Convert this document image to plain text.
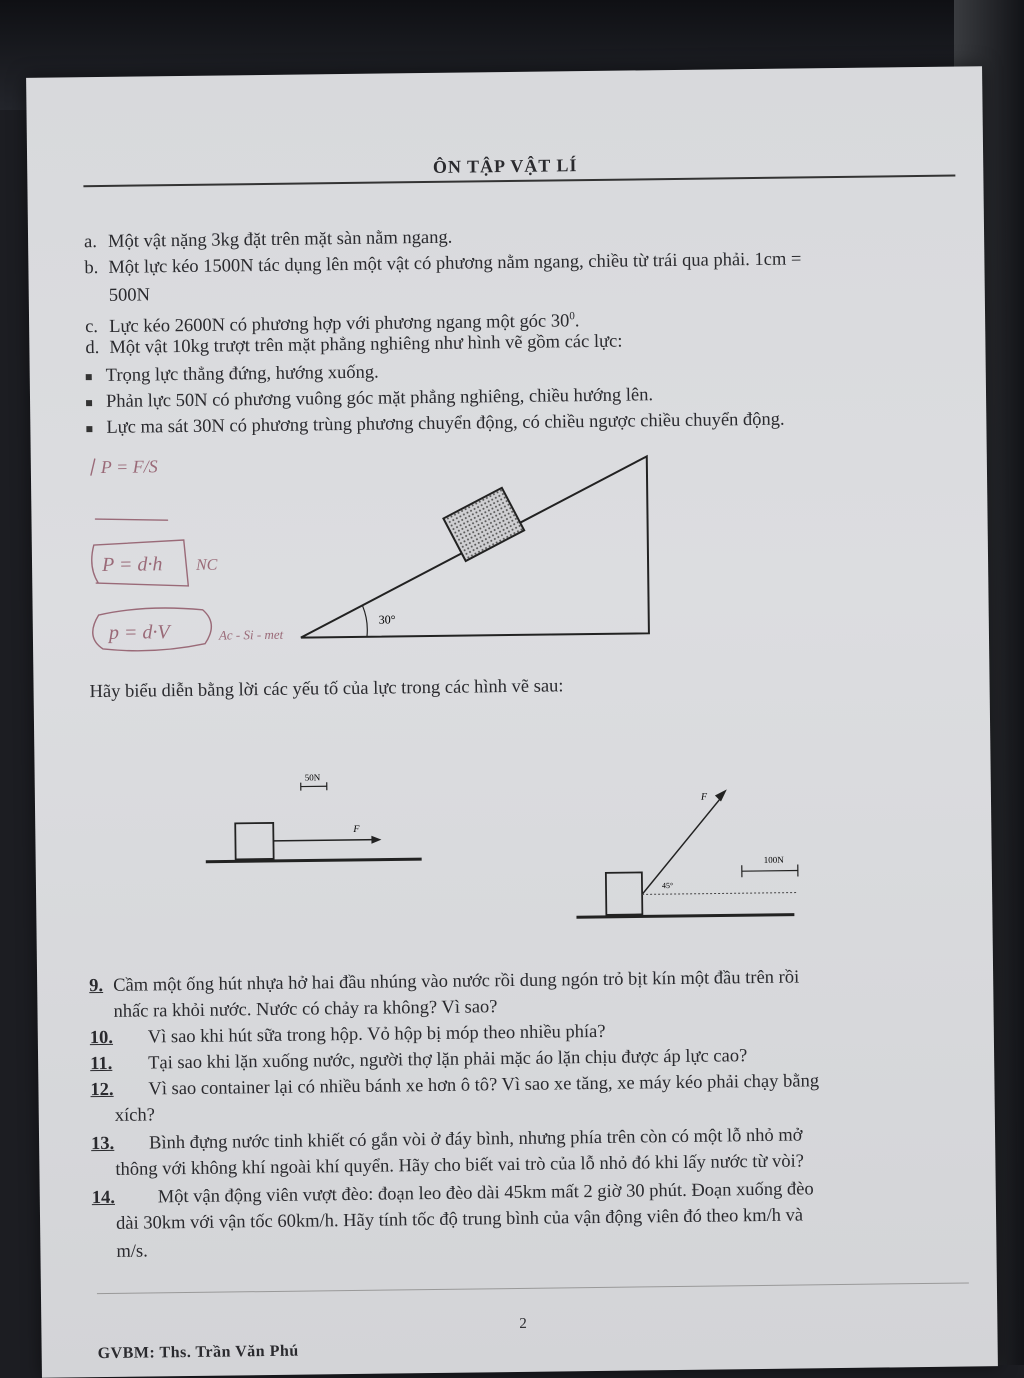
ÔN TẬP VẬT LÍ
a. Một vật nặng 3kg đặt trên mặt sàn nằm ngang.
b. Một lực kéo 1500N tác dụng lên một vật có phương nằm ngang, chiều từ trái qua phải. 1cm =
500N
c. Lực kéo 2600N có phương hợp với phương ngang một góc $30^0$.
d. Một vật 10kg trượt trên mặt phẳng nghiêng như hình vẽ gồm các lực:
Trọng lực thẳng đứng, hướng xuống.
Phản lực 50N có phương vuông góc mặt phẳng nghiêng, chiều hướng lên.
Lực ma sát 30N có phương trùng phương chuyển động, có chiều ngược chiều chuyển động.
30°
Hãy biểu diễn bằng lời các yếu tố của lực trong các hình vẽ sau:
50N
F
F
45°
100N
9. Cầm một ống hút nhựa hở hai đầu nhúng vào nước rồi dung ngón trỏ bịt kín một đầu trên rồi
nhấc ra khỏi nước. Nước có chảy ra không? Vì sao?
10. Vì sao khi hút sữa trong hộp. Vỏ hộp bị móp theo nhiều phía?
11. Tại sao khi lặn xuống nước, người thợ lặn phải mặc áo lặn chịu được áp lực cao?
12. Vì sao container lại có nhiều bánh xe hơn ô tô? Vì sao xe tăng, xe máy kéo phải chạy bằng
xích?
13. Bình đựng nước tinh khiết có gắn vòi ở đáy bình, nhưng phía trên còn có một lỗ nhỏ mở
thông với không khí ngoài khí quyển. Hãy cho biết vai trò của lỗ nhỏ đó khi lấy nước từ vòi?
14. Một vận động viên vượt đèo: đoạn leo đèo dài 45km mất 2 giờ 30 phút. Đoạn xuống đèo
dài 30km với vận tốc 60km/h. Hãy tính tốc độ trung bình của vận động viên đó theo km/h và
m/s.
2
GVBM: Ths. Trần Văn Phú
P = F/S
P = d·h NC
p = d·V	Ac - Si - met
